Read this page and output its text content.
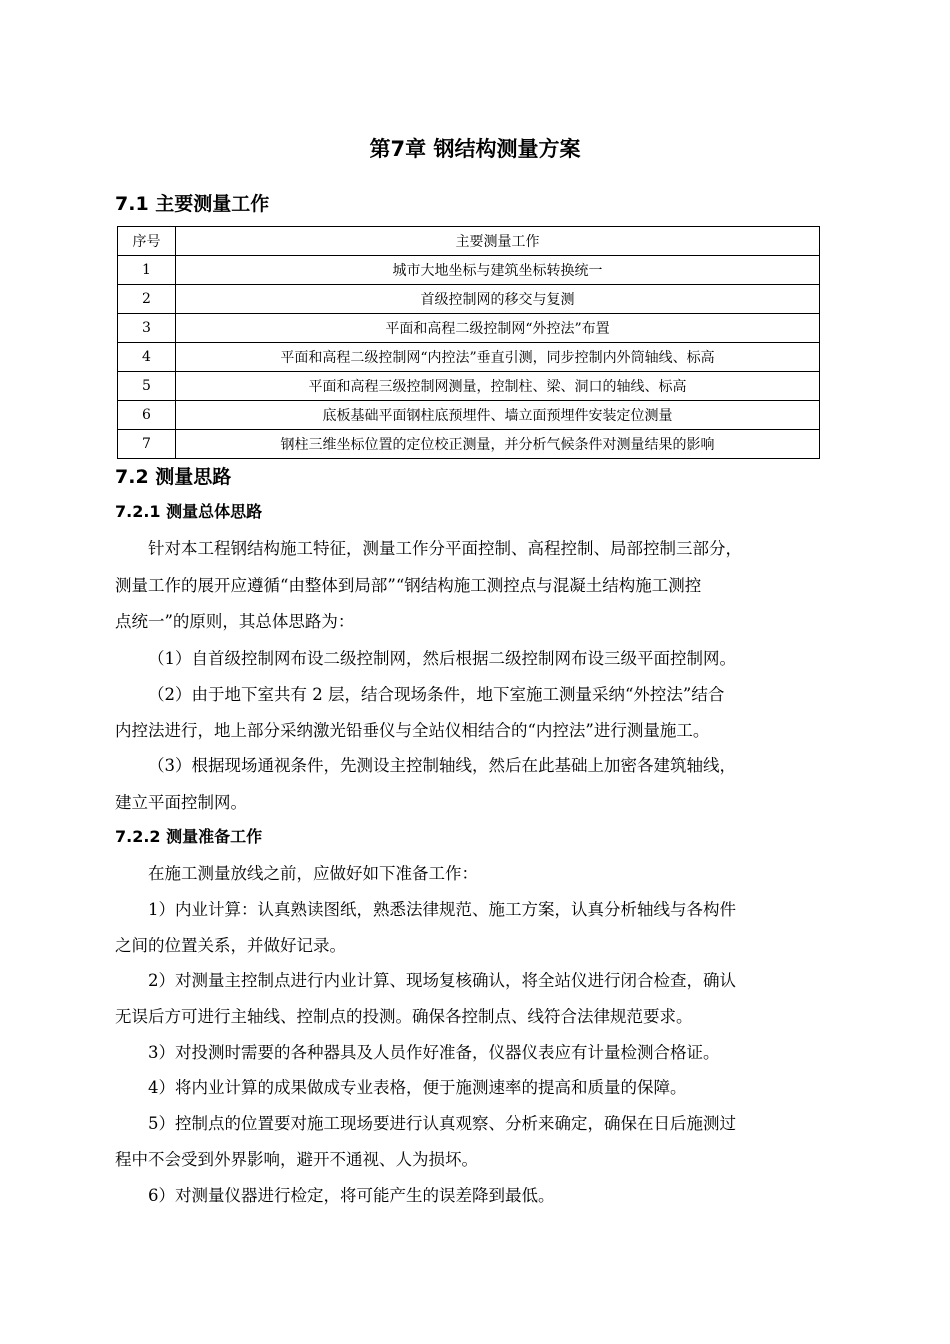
第7章 钢结构测量方案
7.1 主要测量工作
序号	主要测量工作
1	城市大地坐标与建筑坐标转换统一
2	首级控制网的移交与复测
3	平面和高程二级控制网“外控法”布置
4	平面和高程二级控制网“内控法”垂直引测，同步控制内外筒轴线、标高
5	平面和高程三级控制网测量，控制柱、梁、洞口的轴线、标高
6	底板基础平面钢柱底预埋件、墙立面预埋件安装定位测量
7	钢柱三维坐标位置的定位校正测量，并分析气候条件对测量结果的影响
7.2 测量思路
7.2.1 测量总体思路
针对本工程钢结构施工特征，测量工作分平面控制、高程控制、局部控制三部分，
测量工作的展开应遵循“由整体到局部”“钢结构施工测控点与混凝土结构施工测控
点统一”的原则，其总体思路为：
（1）自首级控制网布设二级控制网，然后根据二级控制网布设三级平面控制网。
（2）由于地下室共有 2 层，结合现场条件，地下室施工测量采纳“外控法”结合
内控法进行，地上部分采纳激光铅垂仪与全站仪相结合的“内控法”进行测量施工。
（3）根据现场通视条件，先测设主控制轴线，然后在此基础上加密各建筑轴线，
建立平面控制网。
7.2.2 测量准备工作
在施工测量放线之前，应做好如下准备工作：
1）内业计算：认真熟读图纸，熟悉法律规范、施工方案，认真分析轴线与各构件
之间的位置关系，并做好记录。
2）对测量主控制点进行内业计算、现场复核确认，将全站仪进行闭合检查，确认
无误后方可进行主轴线、控制点的投测。确保各控制点、线符合法律规范要求。
3）对投测时需要的各种器具及人员作好准备，仪器仪表应有计量检测合格证。
4）将内业计算的成果做成专业表格，便于施测速率的提高和质量的保障。
5）控制点的位置要对施工现场要进行认真观察、分析来确定，确保在日后施测过
程中不会受到外界影响，避开不通视、人为损坏。
6）对测量仪器进行检定，将可能产生的误差降到最低。
